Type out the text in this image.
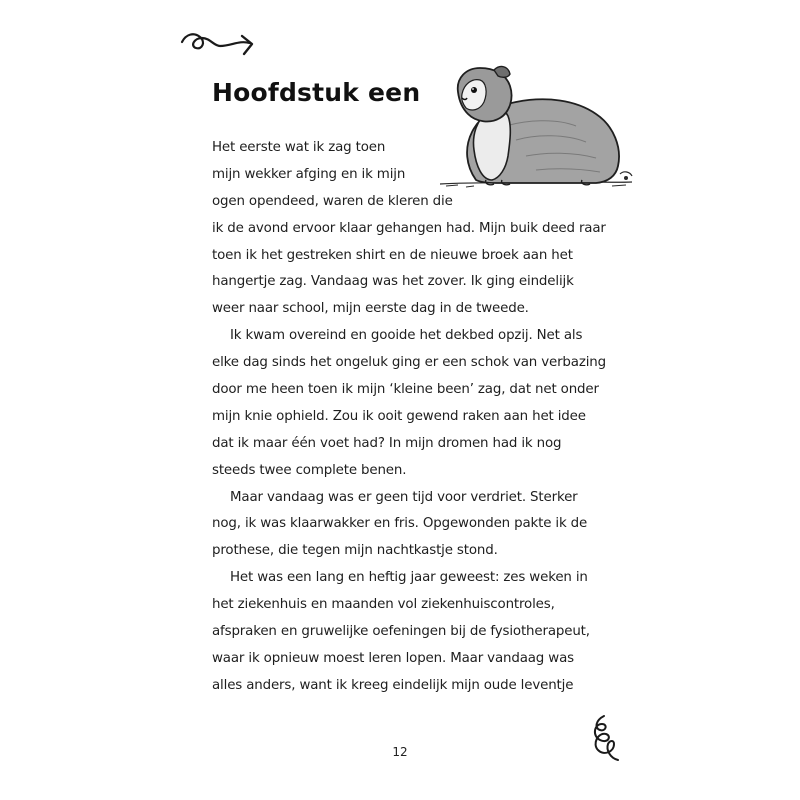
Hoofdstuk een
Het eerste wat ik zag toen
mijn wekker afging en ik mijn
ogen opendeed, waren de kleren die
ik de avond ervoor klaar gehangen had. Mijn buik deed raar
toen ik het gestreken shirt en de nieuwe broek aan het
hangertje zag. Vandaag was het zover. Ik ging eindelijk
weer naar school, mijn eerste dag in de tweede.
Ik kwam overeind en gooide het dekbed opzij. Net als
elke dag sinds het ongeluk ging er een schok van verbazing
door me heen toen ik mijn ‘kleine been’ zag, dat net onder
mijn knie ophield. Zou ik ooit gewend raken aan het idee
dat ik maar één voet had? In mijn dromen had ik nog
steeds twee complete benen.
Maar vandaag was er geen tijd voor verdriet. Sterker
nog, ik was klaarwakker en fris. Opgewonden pakte ik de
prothese, die tegen mijn nachtkastje stond.
Het was een lang en heftig jaar geweest: zes weken in
het ziekenhuis en maanden vol ziekenhuiscontroles,
afspraken en gruwelijke oefeningen bij de fysiotherapeut,
waar ik opnieuw moest leren lopen. Maar vandaag was
alles anders, want ik kreeg eindelijk mijn oude leventje
12
